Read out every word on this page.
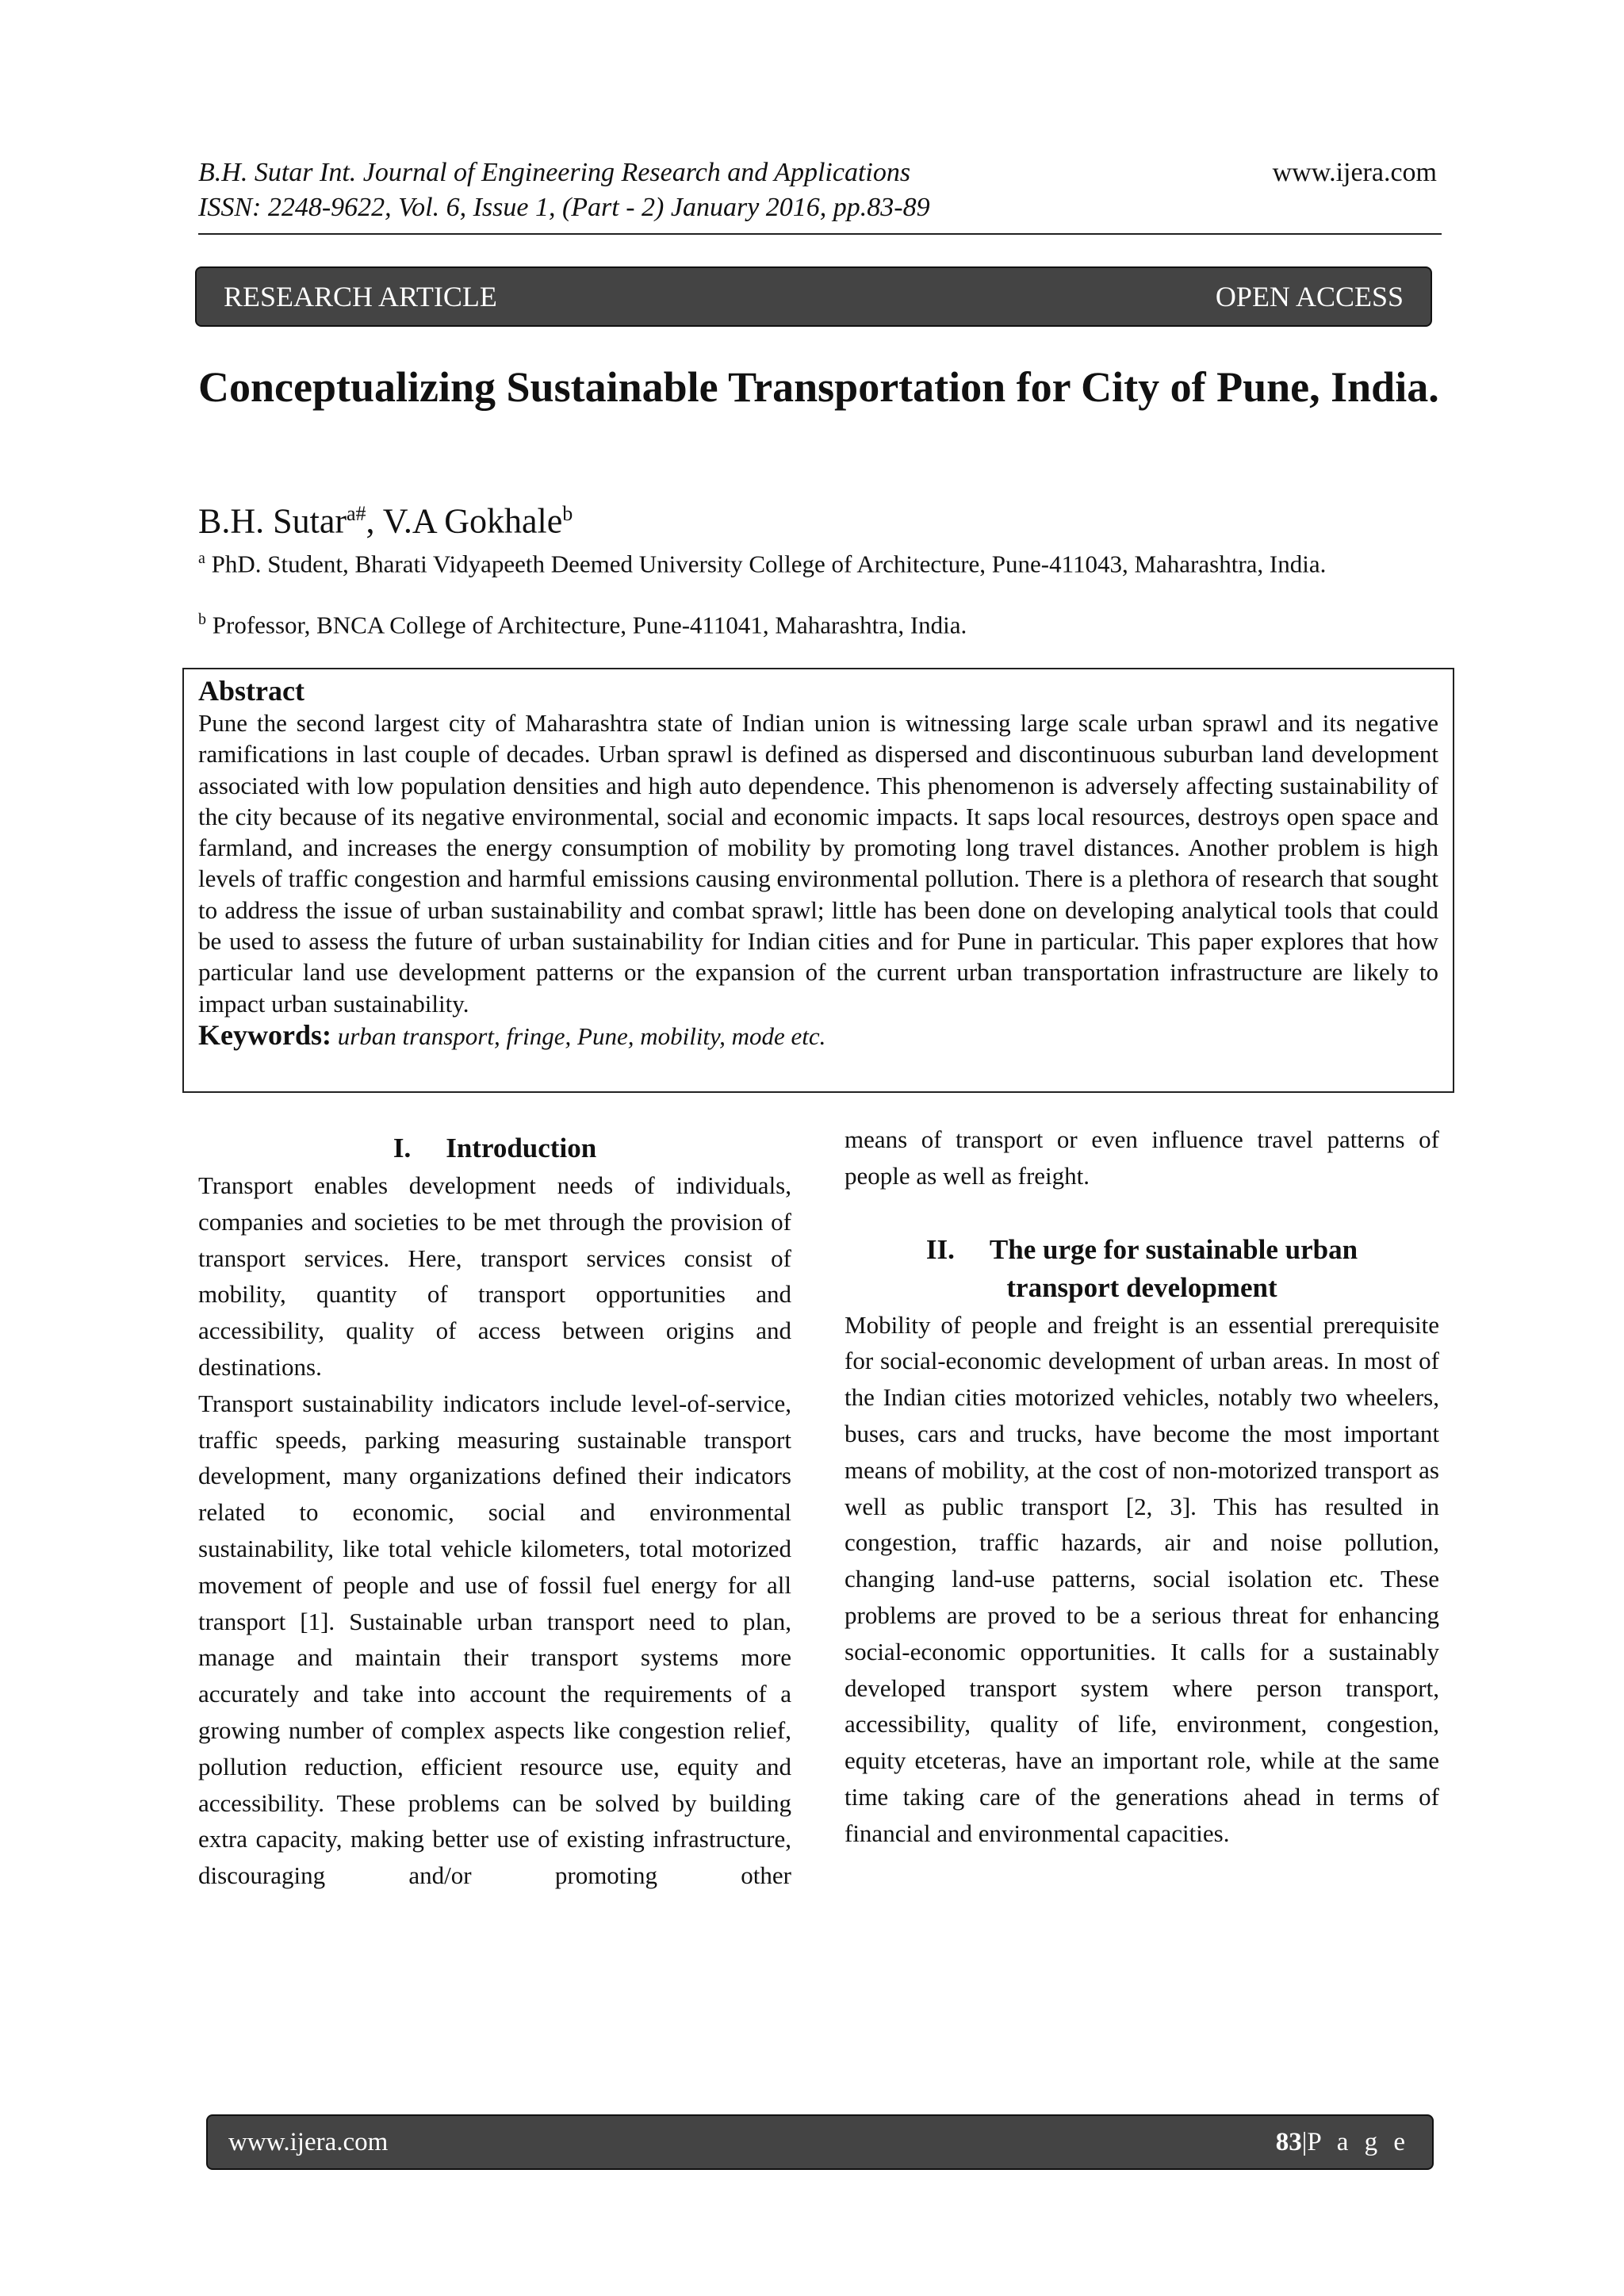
B.H. Sutar Int. Journal of Engineering Research and Applications
ISSN: 2248-9622, Vol. 6, Issue 1, (Part - 2) January 2016, pp.83-89
www.ijera.com
RESEARCH ARTICLE	OPEN ACCESS
Conceptualizing Sustainable Transportation for City of Pune, India.
B.H. Sutar$^{a\#}$, V.A Gokhale$^b$
$^a$ PhD. Student, Bharati Vidyapeeth Deemed University College of Architecture, Pune-411043, Maharashtra, India.
$^b$ Professor, BNCA College of Architecture, Pune-411041, Maharashtra, India.
Abstract
Pune the second largest city of Maharashtra state of Indian union is witnessing large scale urban sprawl and its negative ramifications in last couple of decades. Urban sprawl is defined as dispersed and discontinuous suburban land development associated with low population densities and high auto dependence. This phenomenon is adversely affecting sustainability of the city because of its negative environmental, social and economic impacts. It saps local resources, destroys open space and farmland, and increases the energy consumption of mobility by promoting long travel distances. Another problem is high levels of traffic congestion and harmful emissions causing environmental pollution. There is a plethora of research that sought to address the issue of urban sustainability and combat sprawl; little has been done on developing analytical tools that could be used to assess the future of urban sustainability for Indian cities and for Pune in particular. This paper explores that how particular land use development patterns or the expansion of the current urban transportation infrastructure are likely to impact urban sustainability.
Keywords: urban transport, fringe, Pune, mobility, mode etc.
I. Introduction

Transport enables development needs of individuals, companies and societies to be met through the provision of transport services. Here, transport services consist of mobility, quantity of transport opportunities and accessibility, quality of access between origins and destinations.

Transport sustainability indicators include level-of-service, traffic speeds, parking measuring sustainable transport development, many organizations defined their indicators related to economic, social and environmental sustainability, like total vehicle kilometers, total motorized movement of people and use of fossil fuel energy for all transport [1]. Sustainable urban transport need to plan, manage and maintain their transport systems more accurately and take into account the requirements of a growing number of complex aspects like congestion relief, pollution reduction, efficient resource use, equity and accessibility. These problems can be solved by building extra capacity, making better use of existing infrastructure, discouraging and/or promoting other

means of transport or even influence travel patterns of people as well as freight.

II. The urge for sustainable urban
transport development

Mobility of people and freight is an essential prerequisite for social-economic development of urban areas. In most of the Indian cities motorized vehicles, notably two wheelers, buses, cars and trucks, have become the most important means of mobility, at the cost of non-motorized transport as well as public transport [2, 3]. This has resulted in congestion, traffic hazards, air and noise pollution, changing land-use patterns, social isolation etc. These problems are proved to be a serious threat for enhancing social-economic opportunities. It calls for a sustainably developed transport system where person transport, accessibility, quality of life, environment, congestion, equity etceteras, have an important role, while at the same time taking care of the generations ahead in terms of financial and environmental capacities.

www.ijera.com	83|P a g e
